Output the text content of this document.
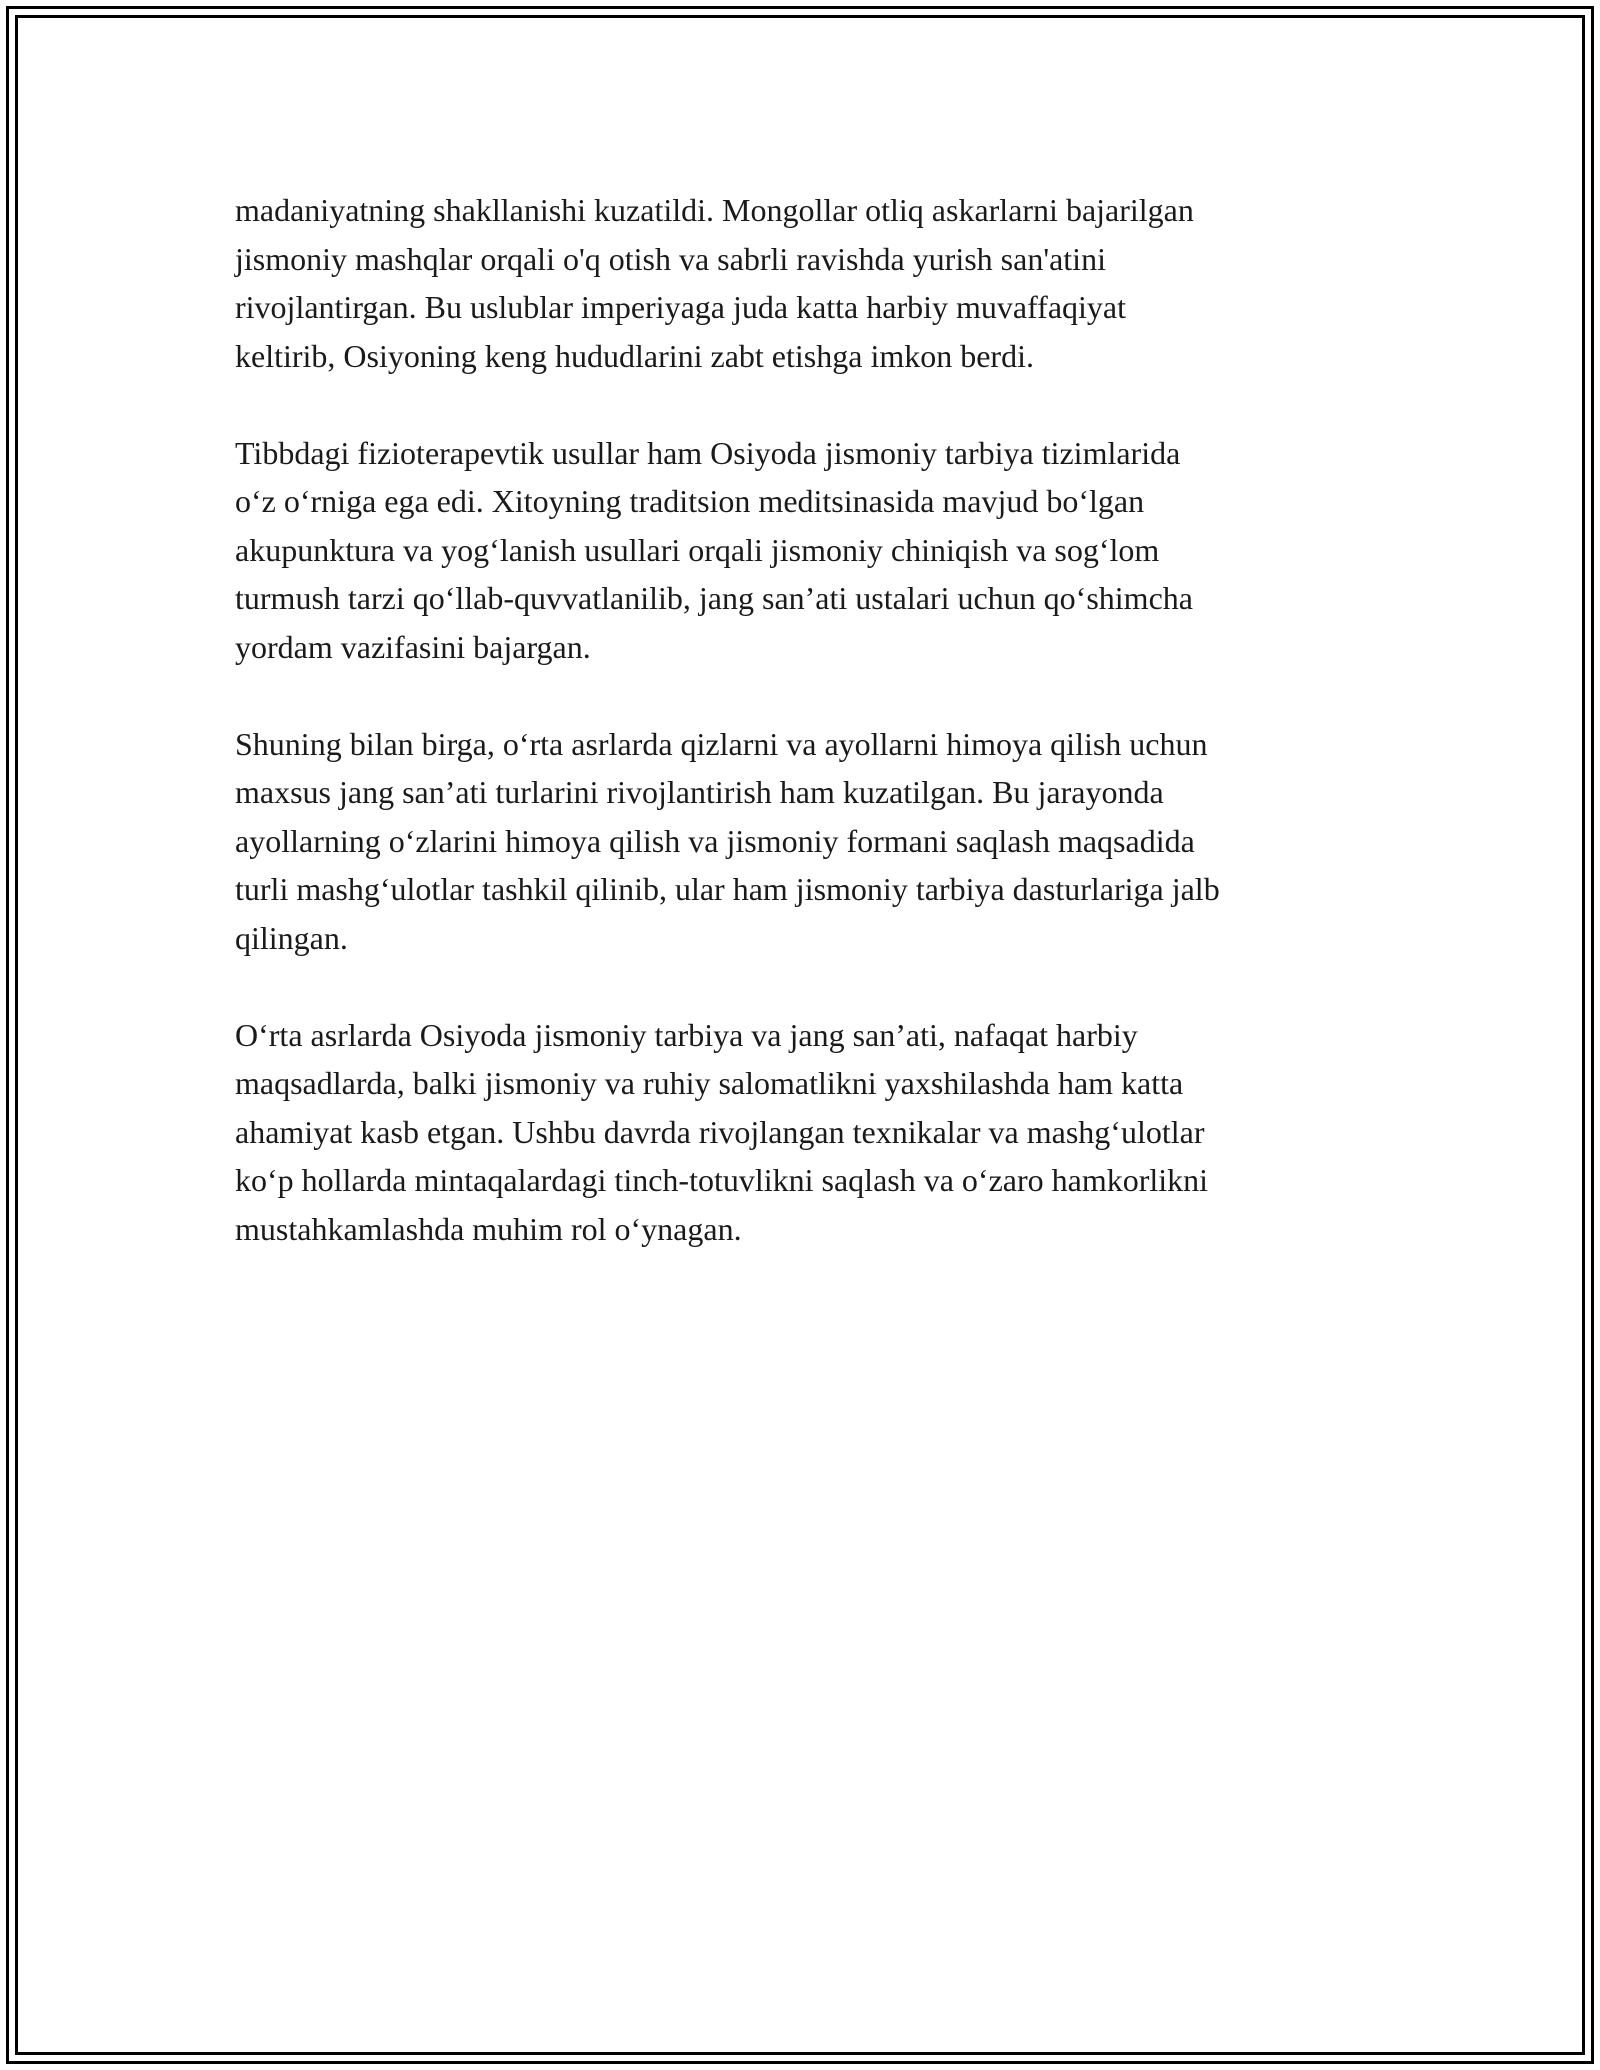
madaniyatning shakllanishi kuzatildi. Mongollar otliq askarlarni bajarilgan
jismoniy mashqlar orqali o'q otish va sabrli ravishda yurish san'atini
rivojlantirgan. Bu uslublar imperiyaga juda katta harbiy muvaffaqiyat
keltirib, Osiyoning keng hududlarini zabt etishga imkon berdi.

Tibbdagi fizioterapevtik usullar ham Osiyoda jismoniy tarbiya tizimlarida
o‘z o‘rniga ega edi. Xitoyning traditsion meditsinasida mavjud bo‘lgan
akupunktura va yog‘lanish usullari orqali jismoniy chiniqish va sog‘lom
turmush tarzi qo‘llab-quvvatlanilib, jang san’ati ustalari uchun qo‘shimcha
yordam vazifasini bajargan.

Shuning bilan birga, o‘rta asrlarda qizlarni va ayollarni himoya qilish uchun
maxsus jang san’ati turlarini rivojlantirish ham kuzatilgan. Bu jarayonda
ayollarning o‘zlarini himoya qilish va jismoniy formani saqlash maqsadida
turli mashg‘ulotlar tashkil qilinib, ular ham jismoniy tarbiya dasturlariga jalb
qilingan.

O‘rta asrlarda Osiyoda jismoniy tarbiya va jang san’ati, nafaqat harbiy
maqsadlarda, balki jismoniy va ruhiy salomatlikni yaxshilashda ham katta
ahamiyat kasb etgan. Ushbu davrda rivojlangan texnikalar va mashg‘ulotlar
ko‘p hollarda mintaqalardagi tinch-totuvlikni saqlash va o‘zaro hamkorlikni
mustahkamlashda muhim rol o‘ynagan.
